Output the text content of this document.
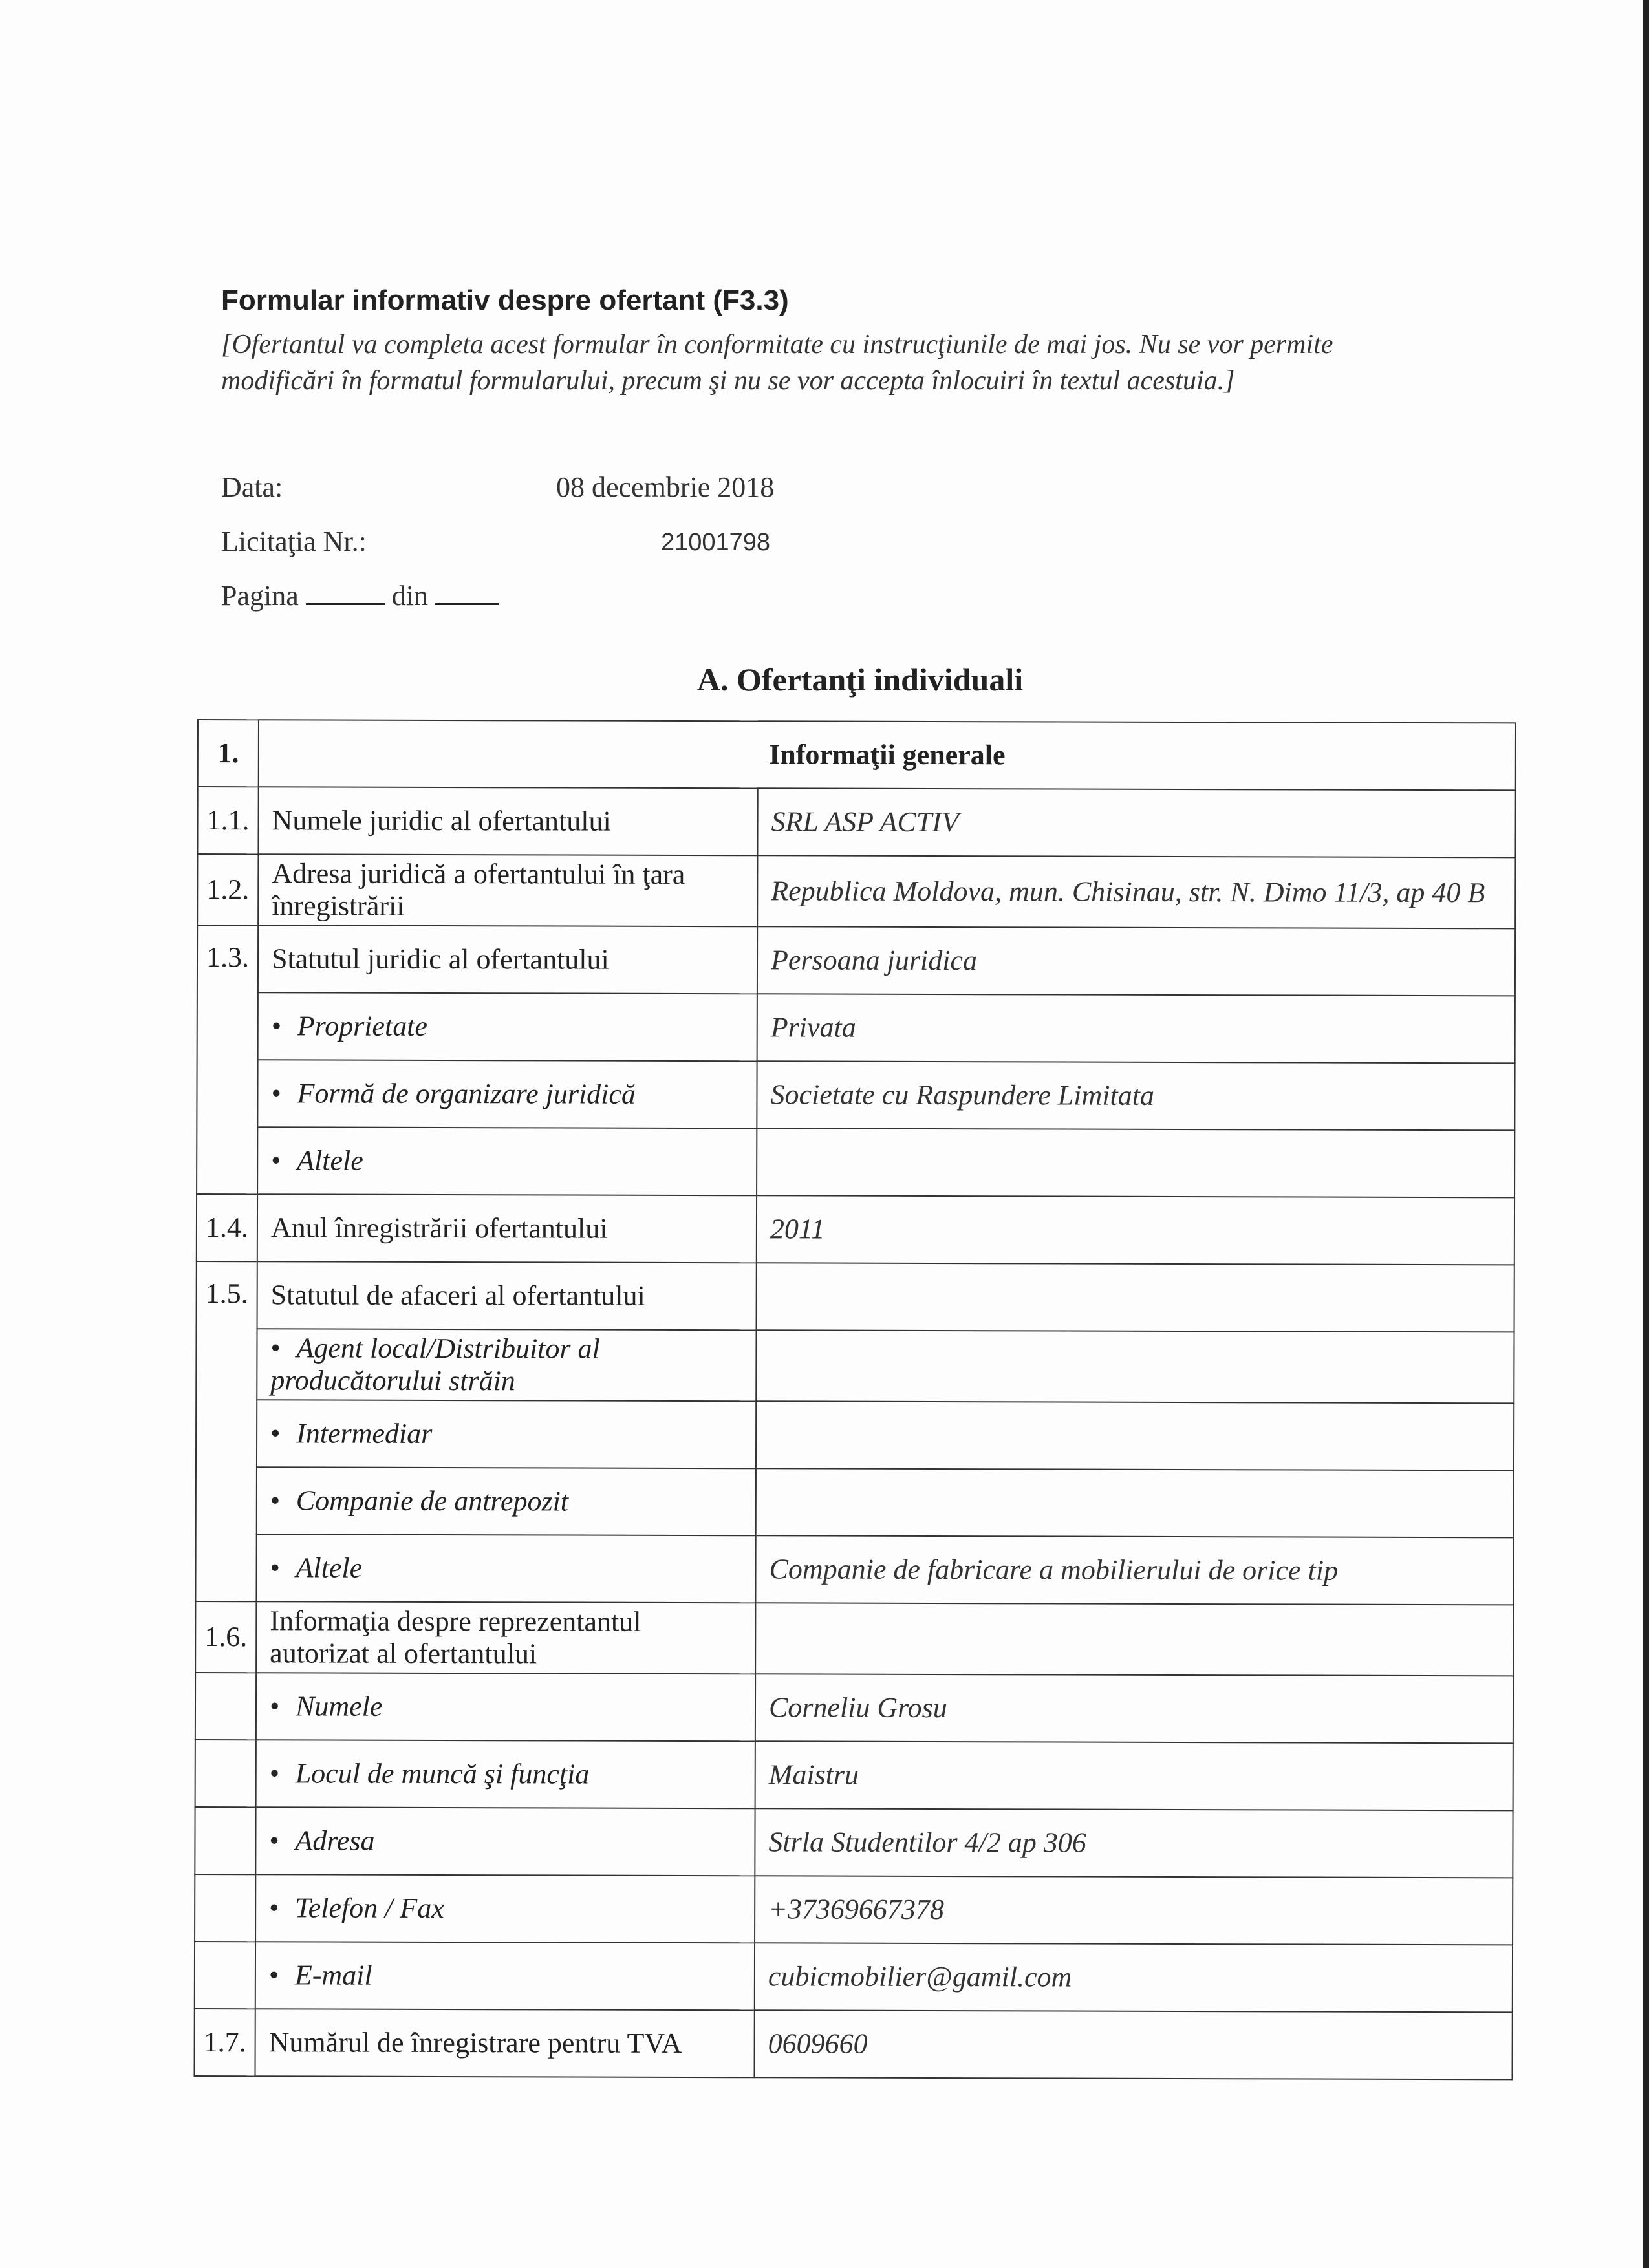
Formular informativ despre ofertant (F3.3)
[Ofertantul va completa acest formular în conformitate cu instrucţiunile de mai jos. Nu se vor permite modificări în formatul formularului, precum şi nu se vor accepta înlocuiri în textul acestuia.]
Data:	08 decembrie 2018
Licitaţia Nr.:	21001798
Pagina	din
A. Ofertanţi individuali
1.	Informaţii generale	
1.1.	Numele juridic al ofertantului	SRL ASP ACTIV
1.2.	Adresa juridică a ofertantului în ţara înregistrării	Republica Moldova, mun. Chisinau, str. N. Dimo 11/3, ap 40 B
1.3.	Statutul juridic al ofertantului	Persoana juridica
	• Proprietate	Privata
	• Formă de organizare juridică	Societate cu Raspundere Limitata
	• Altele	
1.4.	Anul înregistrării ofertantului	2011
1.5.	Statutul de afaceri al ofertantului	
	• Agent local/Distribuitor al producătorului străin	
	• Intermediar	
	• Companie de antrepozit	
	• Altele	Companie de fabricare a mobilierului de orice tip
1.6.	Informaţia despre reprezentantul autorizat al ofertantului	
	• Numele	Corneliu Grosu
	• Locul de muncă şi funcţia	Maistru
	• Adresa	Strla Studentilor 4/2 ap 306
	• Telefon / Fax	+37369667378
	• E-mail	cubicmobilier@gamil.com
1.7.	Numărul de înregistrare pentru TVA	0609660
